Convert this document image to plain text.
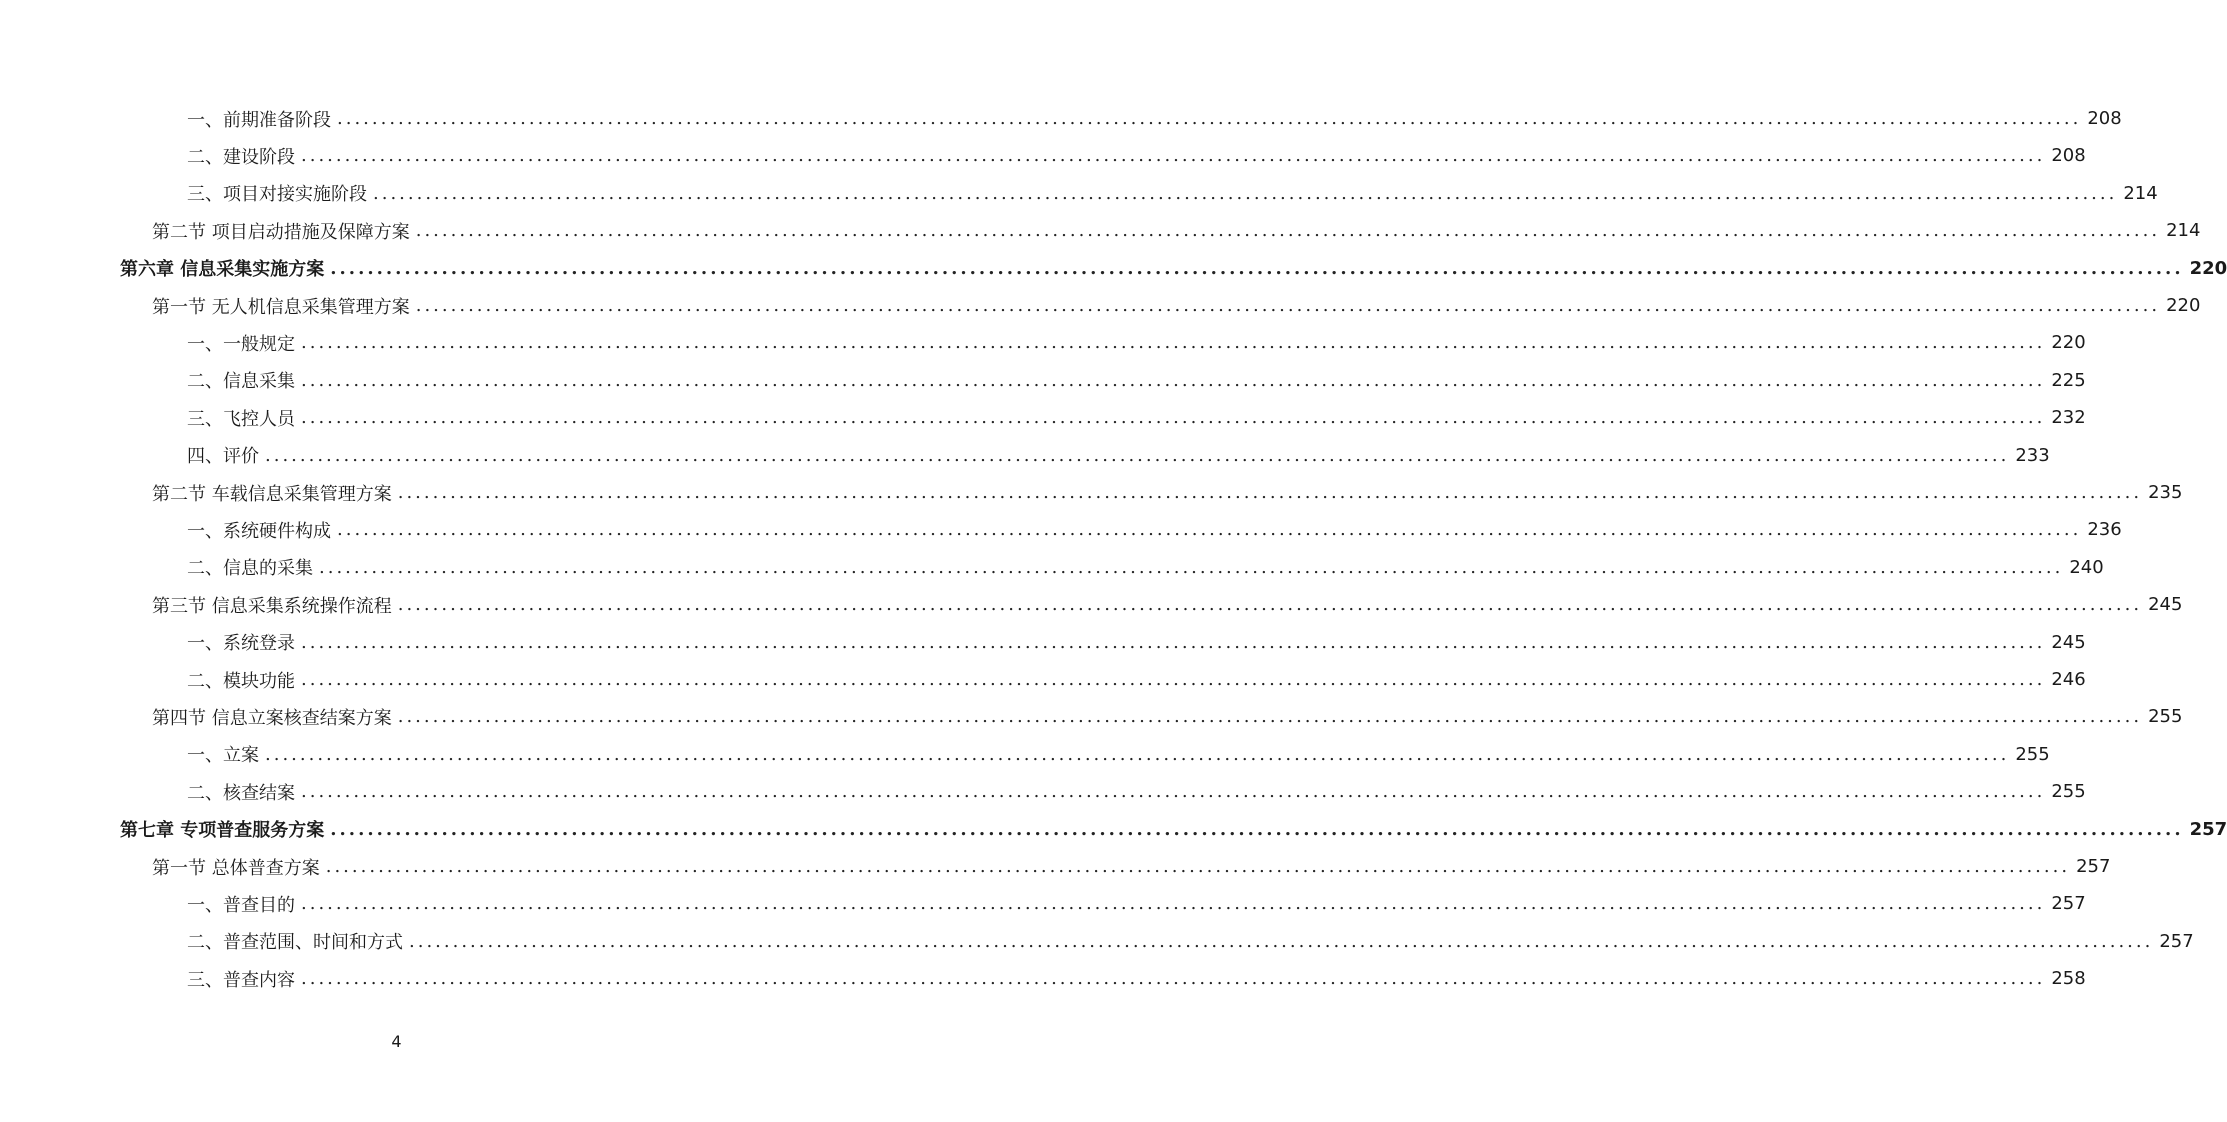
一、前期准备阶段 ........................................................................................................................................................................................................ 208
二、建设阶段 ........................................................................................................................................................................................................ 208
三、项目对接实施阶段 ........................................................................................................................................................................................................ 214
第二节 项目启动措施及保障方案 ........................................................................................................................................................................................................ 214
第六章 信息采集实施方案 ........................................................................................................................................................................................................ 220
第一节 无人机信息采集管理方案 ........................................................................................................................................................................................................ 220
一、一般规定 ........................................................................................................................................................................................................ 220
二、信息采集 ........................................................................................................................................................................................................ 225
三、飞控人员 ........................................................................................................................................................................................................ 232
四、评价 ........................................................................................................................................................................................................ 233
第二节 车载信息采集管理方案 ........................................................................................................................................................................................................ 235
一、系统硬件构成 ........................................................................................................................................................................................................ 236
二、信息的采集 ........................................................................................................................................................................................................ 240
第三节 信息采集系统操作流程 ........................................................................................................................................................................................................ 245
一、系统登录 ........................................................................................................................................................................................................ 245
二、模块功能 ........................................................................................................................................................................................................ 246
第四节 信息立案核查结案方案 ........................................................................................................................................................................................................ 255
一、立案 ........................................................................................................................................................................................................ 255
二、核查结案 ........................................................................................................................................................................................................ 255
第七章 专项普查服务方案 ........................................................................................................................................................................................................ 257
第一节 总体普查方案 ........................................................................................................................................................................................................ 257
一、普查目的 ........................................................................................................................................................................................................ 257
二、普查范围、时间和方式 ........................................................................................................................................................................................................ 257
三、普查内容 ........................................................................................................................................................................................................ 258
4
